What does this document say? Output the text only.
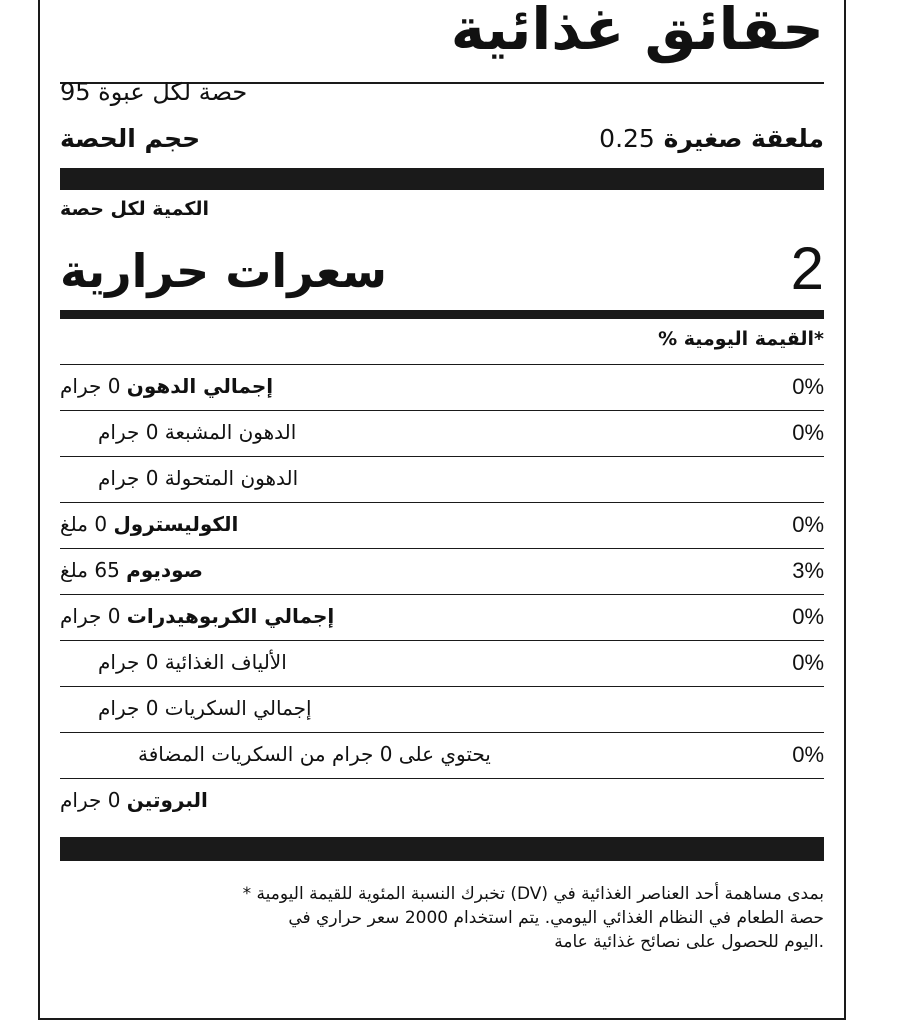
حقائق غذائية
حصة لكل عبوة 95
حجم الحصة	ملعقة صغيرة 0.25
الكمية لكل حصة
سعرات حرارية	2
*القيمة اليومية %
إجمالي الدهون 0 جرام	0%
الدهون المشبعة 0 جرام	0%
الدهون المتحولة 0 جرام
الكوليسترول 0 ملغ	0%
صوديوم 65 ملغ	3%
إجمالي الكربوهيدرات 0 جرام	0%
الألياف الغذائية 0 جرام	0%
إجمالي السكريات 0 جرام
يحتوي على 0 جرام من السكريات المضافة	0%
البروتين 0 جرام
بمدى مساهمة أحد العناصر الغذائية في (DV) تخبرك النسبة المئوية للقيمة اليومية *
حصة الطعام في النظام الغذائي اليومي. يتم استخدام 2000 سعر حراري في
.اليوم للحصول على نصائح غذائية عامة
